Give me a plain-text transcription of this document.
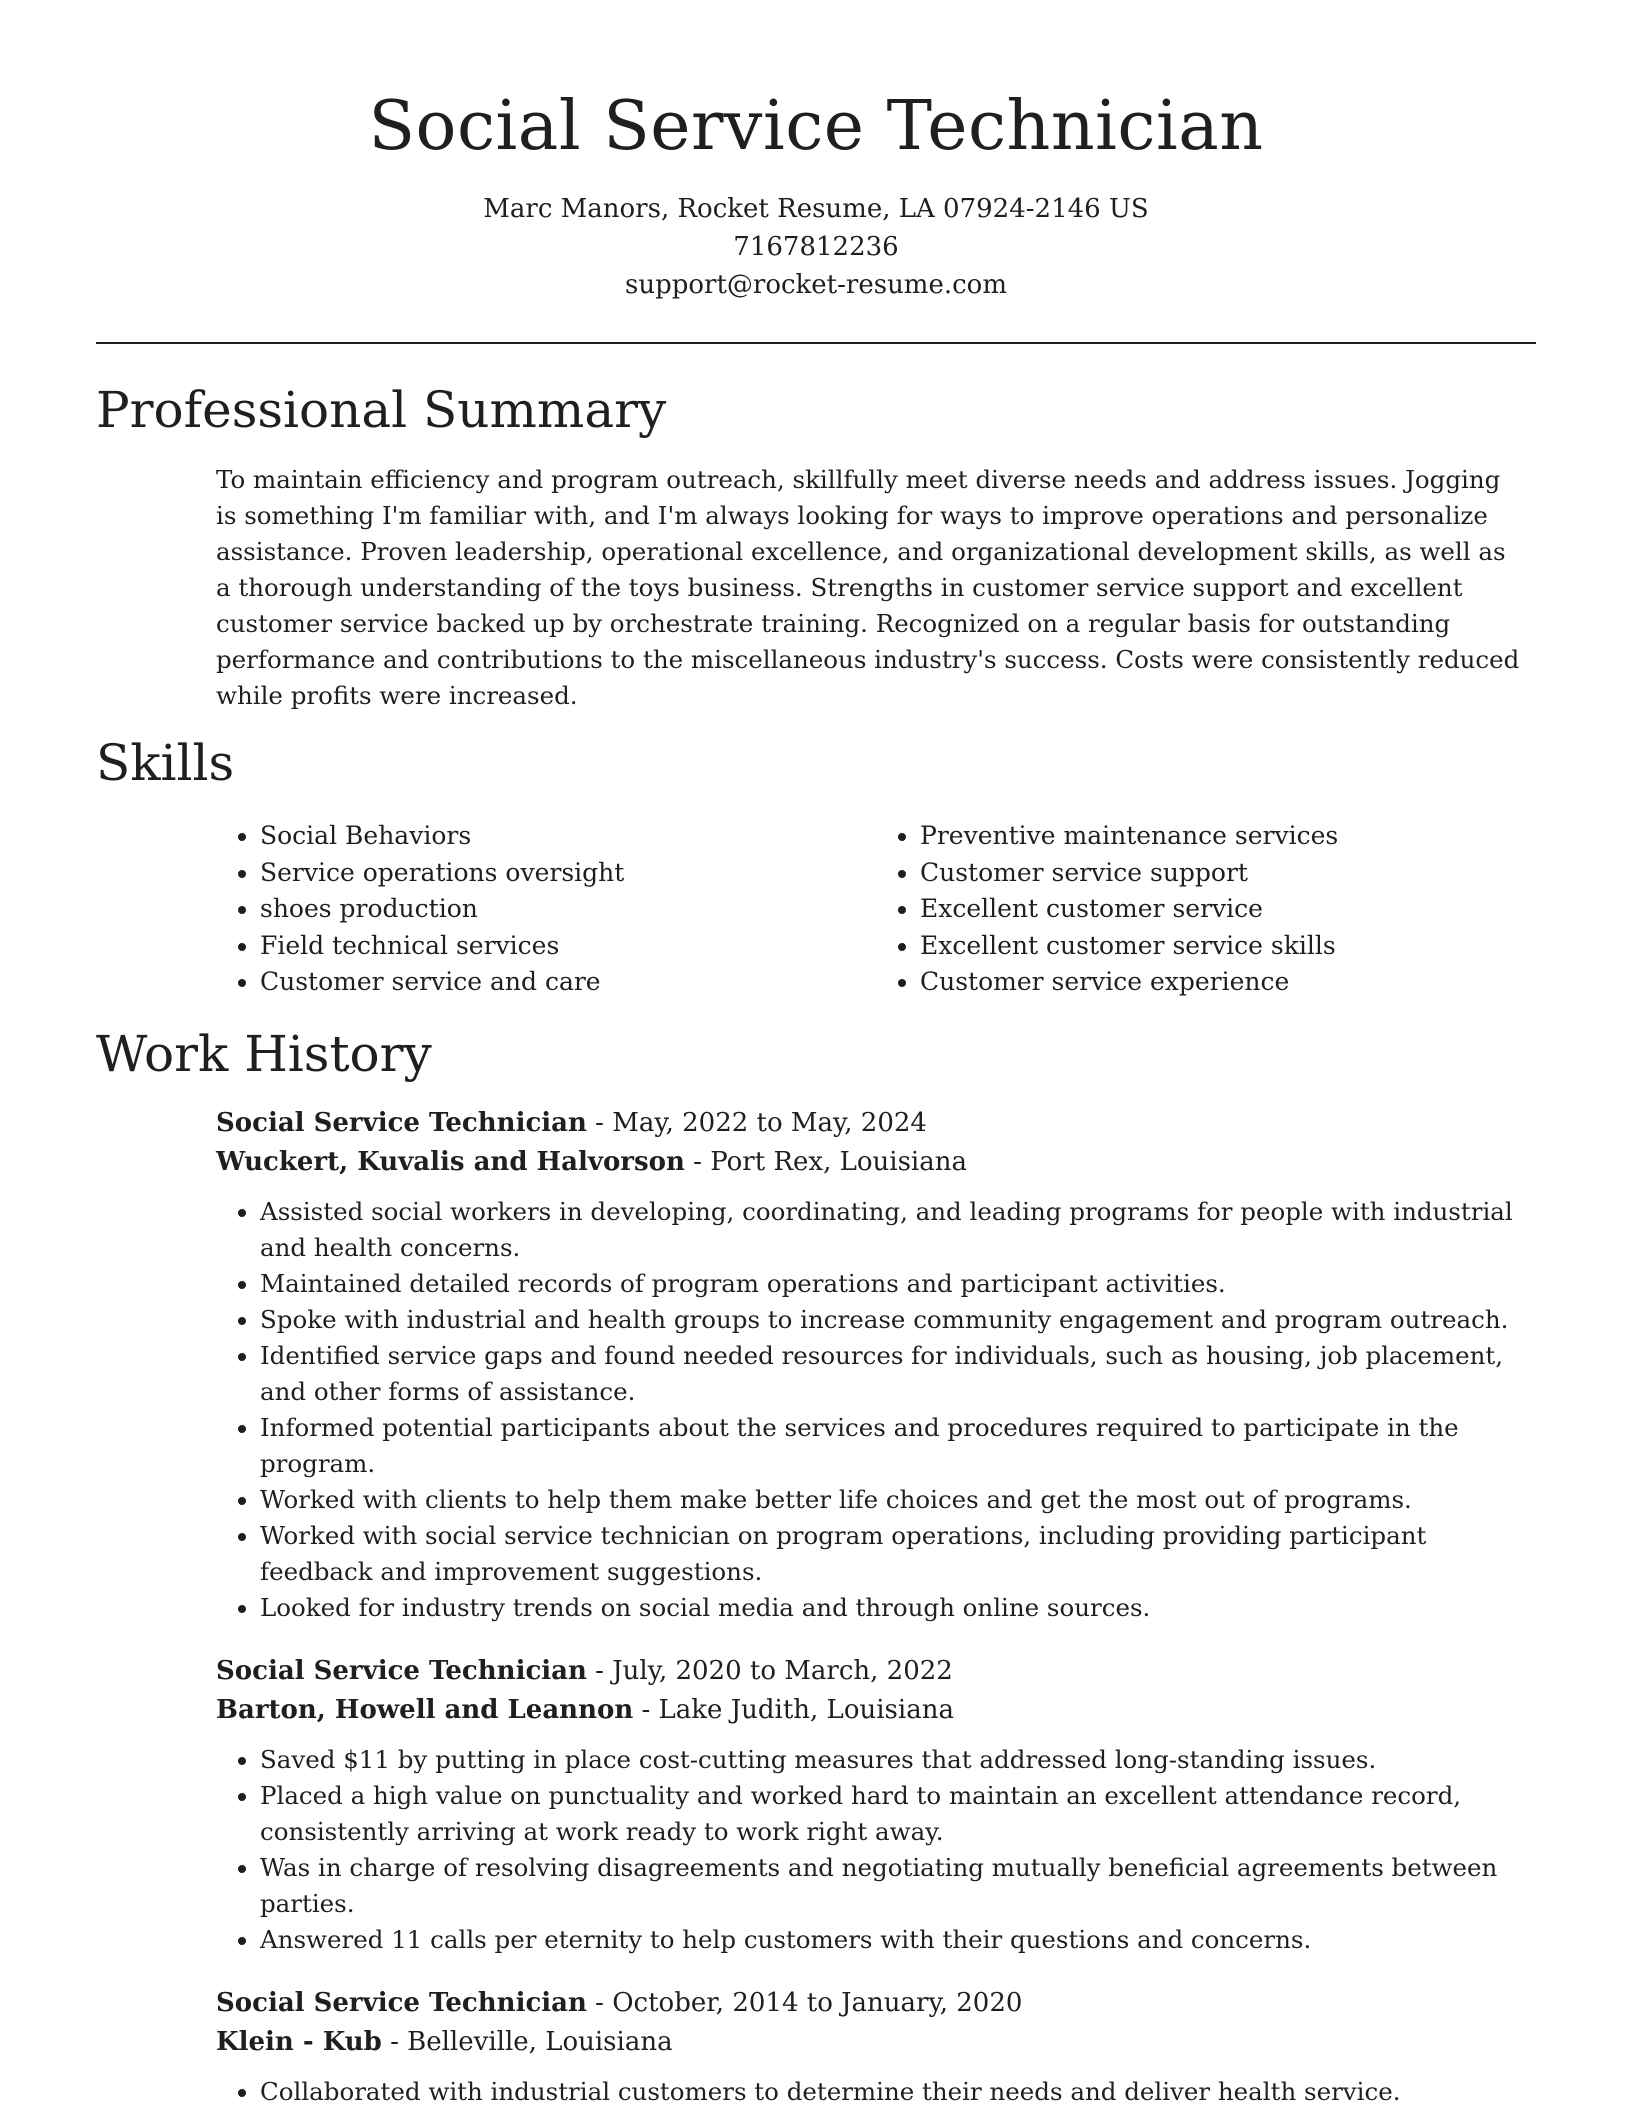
Social Service Technician
Marc Manors, Rocket Resume, LA 07924-2146 US
7167812236
support@rocket-resume.com
Professional Summary

To maintain efficiency and program outreach, skillfully meet diverse needs and address issues. Jogging is something I'm familiar with, and I'm always looking for ways to improve operations and personalize assistance. Proven leadership, operational excellence, and organizational development skills, as well as a thorough understanding of the toys business. Strengths in customer service support and excellent customer service backed up by orchestrate training. Recognized on a regular basis for outstanding performance and contributions to the miscellaneous industry's success. Costs were consistently reduced while profits were increased.

Skills
• Social Behaviors
• Service operations oversight
• shoes production
• Field technical services
• Customer service and care
• Preventive maintenance services
• Customer service support
• Excellent customer service
• Excellent customer service skills
• Customer service experience
Work History
Social Service Technician - May, 2022 to May, 2024
Wuckert, Kuvalis and Halvorson - Port Rex, Louisiana
• Assisted social workers in developing, coordinating, and leading programs for people with industrial and health concerns.
• Maintained detailed records of program operations and participant activities.
• Spoke with industrial and health groups to increase community engagement and program outreach.
• Identified service gaps and found needed resources for individuals, such as housing, job placement, and other forms of assistance.
• Informed potential participants about the services and procedures required to participate in the program.
• Worked with clients to help them make better life choices and get the most out of programs.
• Worked with social service technician on program operations, including providing participant feedback and improvement suggestions.
• Looked for industry trends on social media and through online sources.
Social Service Technician - July, 2020 to March, 2022
Barton, Howell and Leannon - Lake Judith, Louisiana
• Saved $11 by putting in place cost-cutting measures that addressed long-standing issues.
• Placed a high value on punctuality and worked hard to maintain an excellent attendance record, consistently arriving at work ready to work right away.
• Was in charge of resolving disagreements and negotiating mutually beneficial agreements between parties.
• Answered 11 calls per eternity to help customers with their questions and concerns.
Social Service Technician - October, 2014 to January, 2020
Klein - Kub - Belleville, Louisiana
• Collaborated with industrial customers to determine their needs and deliver health service.
